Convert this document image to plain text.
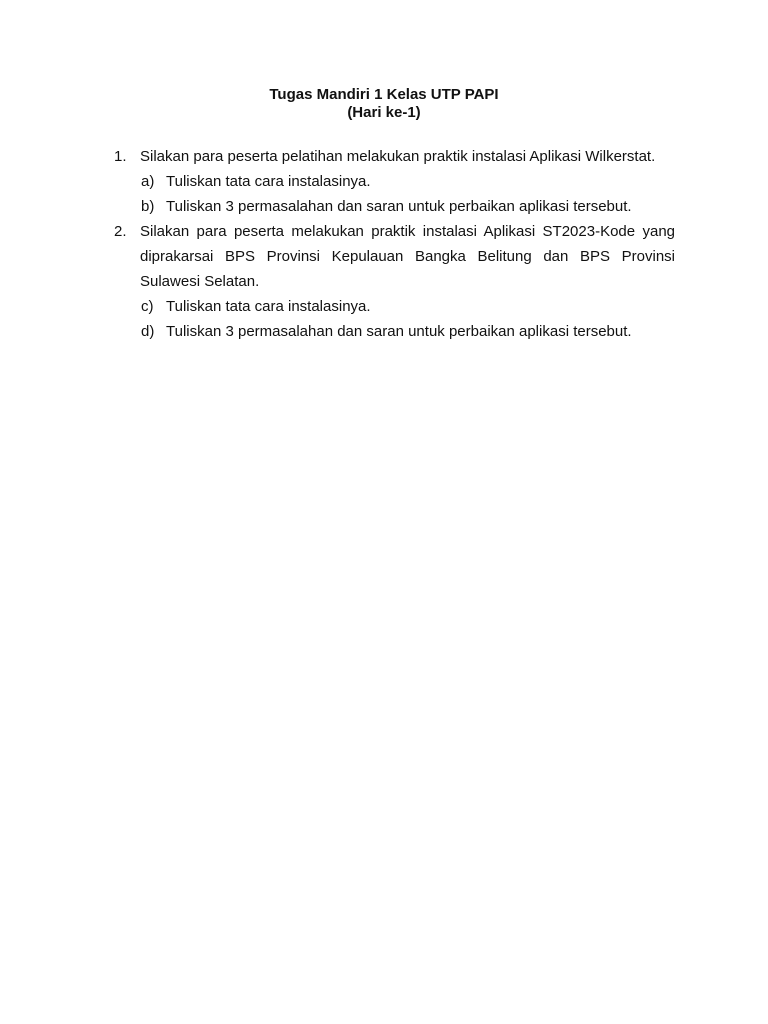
Tugas Mandiri 1 Kelas UTP PAPI
(Hari ke-1)
1. Silakan para peserta pelatihan melakukan praktik instalasi Aplikasi Wilkerstat.
a) Tuliskan tata cara instalasinya.
b) Tuliskan 3 permasalahan dan saran untuk perbaikan aplikasi tersebut.
2. Silakan para peserta melakukan praktik instalasi Aplikasi ST2023-Kode yang diprakarsai BPS Provinsi Kepulauan Bangka Belitung dan BPS Provinsi Sulawesi Selatan.
c) Tuliskan tata cara instalasinya.
d) Tuliskan 3 permasalahan dan saran untuk perbaikan aplikasi tersebut.
